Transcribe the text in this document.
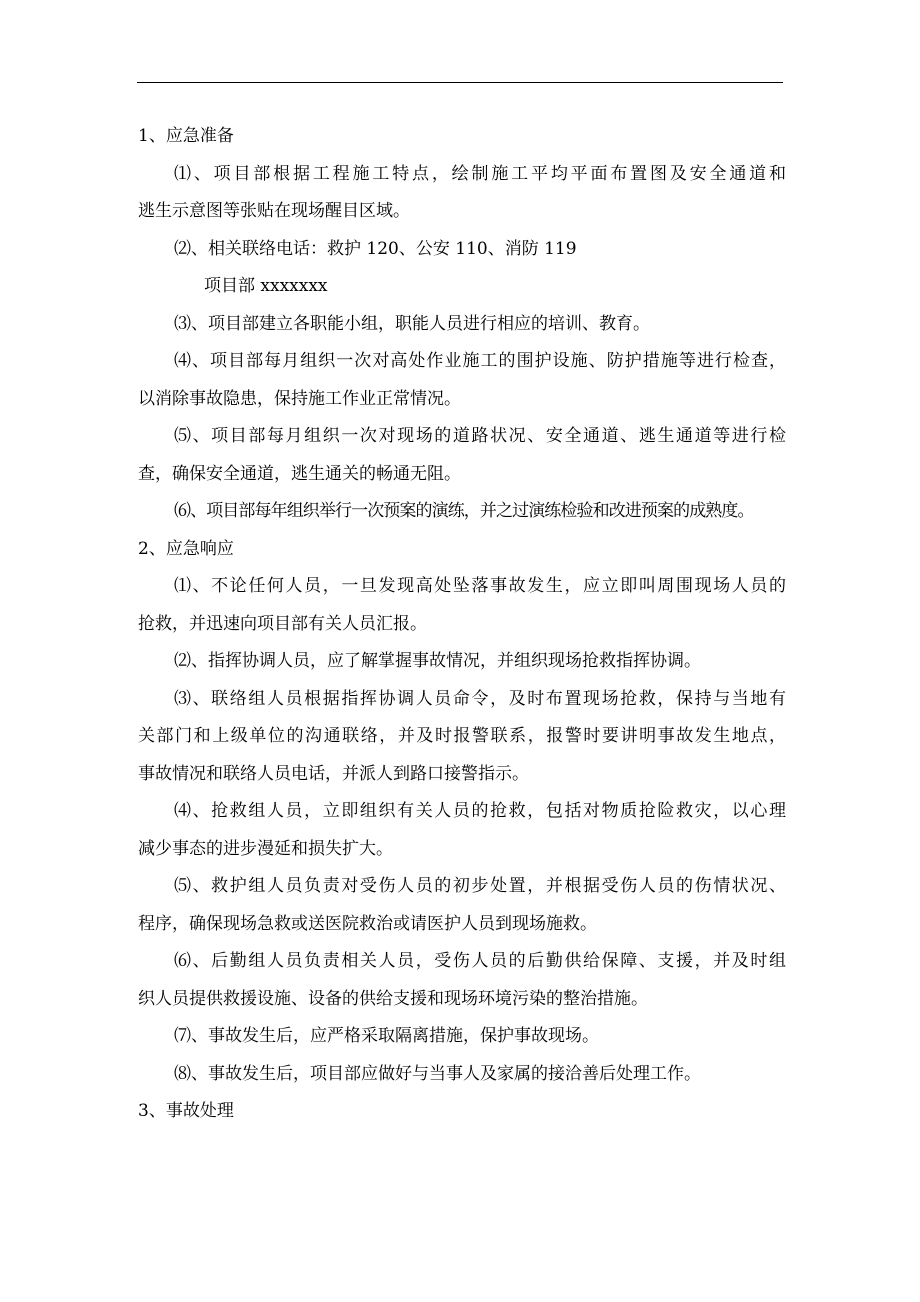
1、应急准备
⑴、项目部根据工程施工特点，绘制施工平均平面布置图及安全通道和
逃生示意图等张贴在现场醒目区域。
⑵、相关联络电话：救护 120、公安 110、消防 119
项目部 xxxxxxx
⑶、项目部建立各职能小组，职能人员进行相应的培训、教育。
⑷、项目部每月组织一次对高处作业施工的围护设施、防护措施等进行检查，
以消除事故隐患，保持施工作业正常情况。
⑸、项目部每月组织一次对现场的道路状况、安全通道、逃生通道等进行检
查，确保安全通道，逃生通关的畅通无阻。
⑹、项目部每年组织举行一次预案的演练，并之过演练检验和改进预案的成熟度。
2、应急响应
⑴、不论任何人员，一旦发现高处坠落事故发生，应立即叫周围现场人员的
抢救，并迅速向项目部有关人员汇报。
⑵、指挥协调人员，应了解掌握事故情况，并组织现场抢救指挥协调。
⑶、联络组人员根据指挥协调人员命令，及时布置现场抢救，保持与当地有
关部门和上级单位的沟通联络，并及时报警联系，报警时要讲明事故发生地点，
事故情况和联络人员电话，并派人到路口接警指示。
⑷、抢救组人员，立即组织有关人员的抢救，包括对物质抢险救灾，以心理
减少事态的进步漫延和损失扩大。
⑸、救护组人员负责对受伤人员的初步处置，并根据受伤人员的伤情状况、
程序，确保现场急救或送医院救治或请医护人员到现场施救。
⑹、后勤组人员负责相关人员，受伤人员的后勤供给保障、支援，并及时组
织人员提供救援设施、设备的供给支援和现场环境污染的整治措施。
⑺、事故发生后，应严格采取隔离措施，保护事故现场。
⑻、事故发生后，项目部应做好与当事人及家属的接洽善后处理工作。
3、事故处理
